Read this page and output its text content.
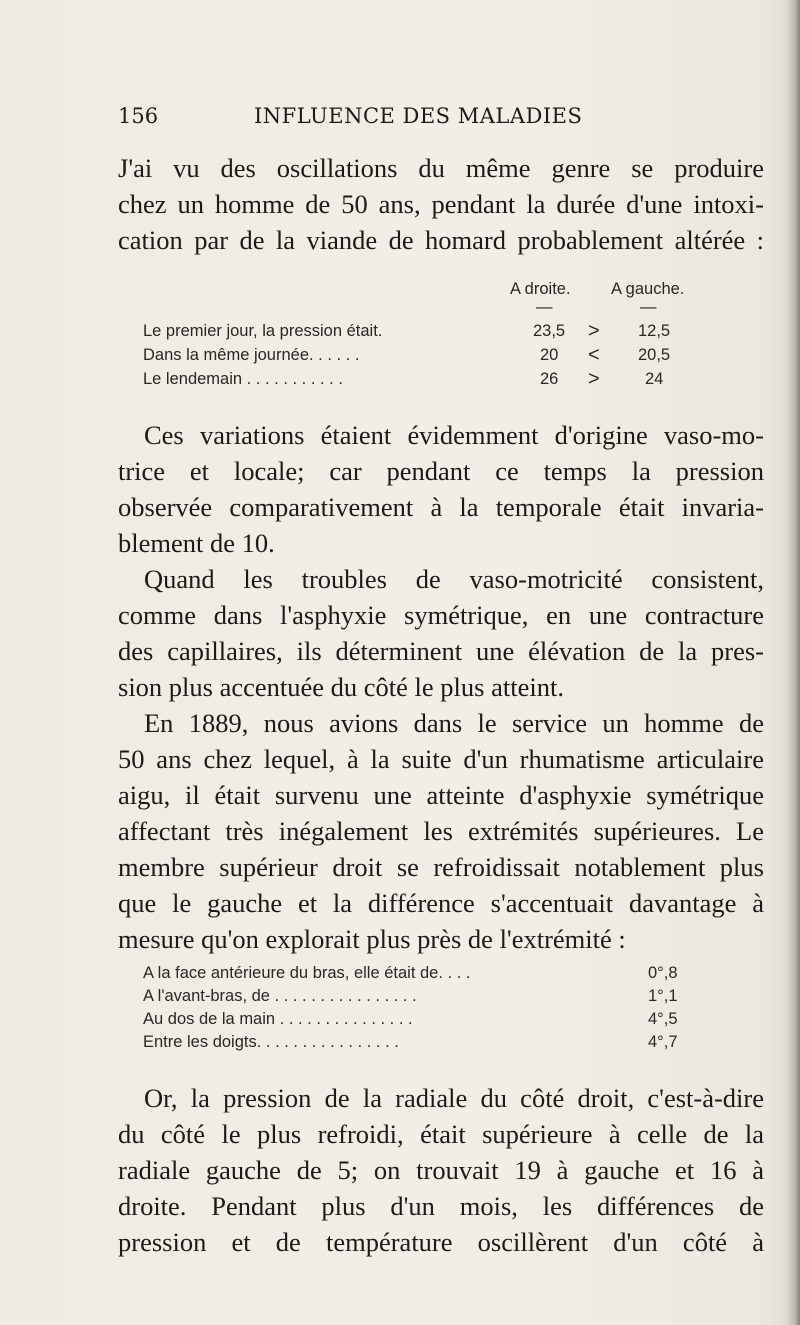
156	INFLUENCE DES MALADIES
J'ai vu des oscillations du même genre se produire
chez un homme de 50 ans, pendant la durée d'une intoxi-
cation par de la viande de homard probablement altérée :
A droite. A gauche.
—	—
Le premier jour, la pression était.	23,5 > 12,5
Dans la même journée. . . . . .	20 < 20,5
Le lendemain . . . . . . . . . . .	26 >	24
Ces variations étaient évidemment d'origine vaso-mo-
trice et locale; car pendant ce temps la pression
observée comparativement à la temporale était invaria-
blement de 10.
Quand les troubles de vaso-motricité consistent,
comme dans l'asphyxie symétrique, en une contracture
des capillaires, ils déterminent une élévation de la pres-
sion plus accentuée du côté le plus atteint.
En 1889, nous avions dans le service un homme de
50 ans chez lequel, à la suite d'un rhumatisme articulaire
aigu, il était survenu une atteinte d'asphyxie symétrique
affectant très inégalement les extrémités supérieures. Le
membre supérieur droit se refroidissait notablement plus
que le gauche et la différence s'accentuait davantage à
mesure qu'on explorait plus près de l'extrémité :
A la face antérieure du bras, elle était de. . . .	0°,8
A l'avant-bras, de . . . . . . . . . . . . . . . .	1°,1
Au dos de la main . . . . . . . . . . . . . . .	4°,5
Entre les doigts. . . . . . . . . . . . . . . .	4°,7
Or, la pression de la radiale du côté droit, c'est-à-dire
du côté le plus refroidi, était supérieure à celle de la
radiale gauche de 5; on trouvait 19 à gauche et 16 à
droite. Pendant plus d'un mois, les différences de
pression et de température oscillèrent d'un côté à
